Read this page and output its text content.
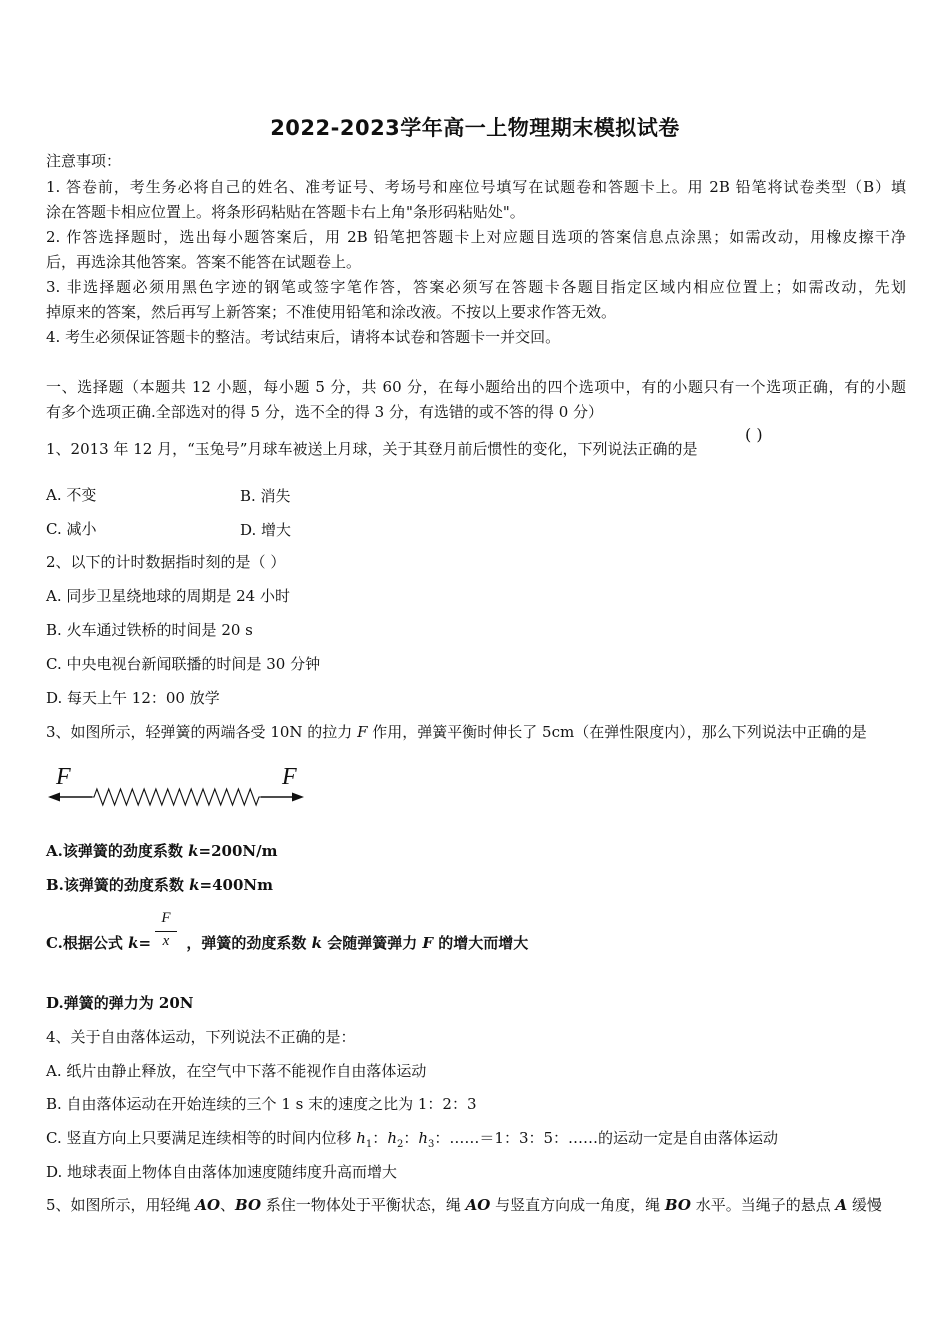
2022-2023学年高一上物理期末模拟试卷
注意事项：
1. 答卷前，考生务必将自己的姓名、准考证号、考场号和座位号填写在试题卷和答题卡上。用 2B 铅笔将试卷类型（B）填
涂在答题卡相应位置上。将条形码粘贴在答题卡右上角"条形码粘贴处"。
2. 作答选择题时，选出每小题答案后，用 2B 铅笔把答题卡上对应题目选项的答案信息点涂黑；如需改动，用橡皮擦干净
后，再选涂其他答案。答案不能答在试题卷上。
3. 非选择题必须用黑色字迹的钢笔或签字笔作答，答案必须写在答题卡各题目指定区域内相应位置上；如需改动，先划
掉原来的答案，然后再写上新答案；不准使用铅笔和涂改液。不按以上要求作答无效。
4. 考生必须保证答题卡的整洁。考试结束后，请将本试卷和答题卡一并交回。
一、选择题（本题共 12 小题，每小题 5 分，共 60 分，在每小题给出的四个选项中，有的小题只有一个选项正确，有的小题
有多个选项正确.全部选对的得 5 分，选不全的得 3 分，有选错的或不答的得 0 分）
1、2013 年 12 月，“玉兔号”月球车被送上月球，关于其登月前后惯性的变化，下列说法正确的是
( )
A. 不变	B. 消失
C. 减小	D. 增大
2、以下的计时数据指时刻的是（ ）
A. 同步卫星绕地球的周期是 24 小时
B. 火车通过铁桥的时间是 20 s
C. 中央电视台新闻联播的时间是 30 分钟
D. 每天上午 12：00 放学
3、如图所示，轻弹簧的两端各受 10N 的拉力 F 作用，弹簧平衡时伸长了 5cm（在弹性限度内），那么下列说法中正确的是
F	F
A.该弹簧的劲度系数 k=200N/m
B.该弹簧的劲度系数 k=400Nm
C.根据公式 k= ，弹簧的劲度系数 k 会随弹簧弹力 F 的增大而增大
F
x
D.弹簧的弹力为 20N
4、关于自由落体运动，下列说法不正确的是：
A. 纸片由静止释放，在空气中下落不能视作自由落体运动
B. 自由落体运动在开始连续的三个 1 s 末的速度之比为 1：2：3
C. 竖直方向上只要满足连续相等的时间内位移 $h_1$：$h_2$：$h_3$：……＝1：3：5：……的运动一定是自由落体运动
D. 地球表面上物体自由落体加速度随纬度升高而增大
5、如图所示，用轻绳 AO、BO 系住一物体处于平衡状态，绳 AO 与竖直方向成一角度，绳 BO 水平。当绳子的悬点 A 缓慢
